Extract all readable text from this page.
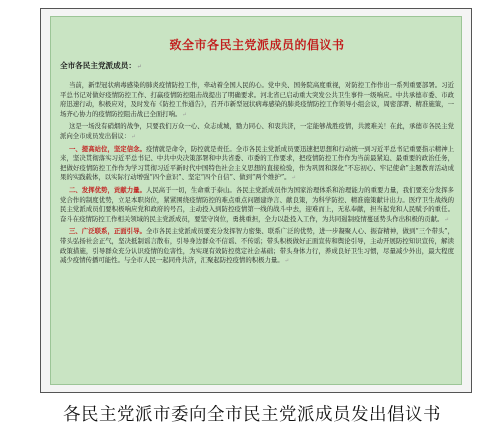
致全市各民主党派成员的倡议书
全市各民主党派成员：↵
当前，新型冠状病毒感染的肺炎疫情防控工作，牵动着全国人民的心。党中央、国务院高度重视，对防控工作作出一系列重要部署。习近平总书记对做好疫情防控工作、打赢疫情防控阻击战提出了明确要求。河北省已启动重大突发公共卫生事件一级响应。中共承德市委、市政府迅速行动，积极应对，及时发布《防控工作通告》，召开市新型冠状病毒感染的肺炎疫情防控工作领导小组会议，周密部署、精准施策，一场齐心协力的疫情防控阻击战已全面打响。↵
这是一场没有硝烟的战争，只要我们万众一心、众志成城，勠力同心、和衷共济，一定能够战胜疫情，共渡难关！在此，承德市各民主党派向全市成员发出倡议：↵
一、提高站位，坚定信念。疫情就是命令，防控就是责任。全市各民主党派成员要迅速把思想和行动统一到习近平总书记重要指示精神上来，坚决贯彻落实习近平总书记、中共中央决策部署和中共省委、市委的工作要求，把疫情防控工作作为当前最紧迫、最重要的政治任务，把做好疫情防控工作作为学习贯彻习近平新时代中国特色社会主义思想的直接检验，作为巩固和深化“不忘初心、牢记使命”主题教育活动成果的实践载体，以实际行动增强“四个意识”、坚定“四个自信”、做到“两个维护”。↵
二、发挥优势，贡献力量。人民高于一切，生命重于泰山。各民主党派成员作为国家治理体系和治理能力的重要力量，我们要充分发挥多党合作的制度优势，立足本职岗位，紧紧围绕疫情防控的难点重点问题建诤言、献良策，为科学防控、精准施策献计出力。医疗卫生战线的民主党派成员们要积极响应党和政府的号召，主动投入到防控疫情第一线的战斗中去，迎难而上，无私奉献，担当起党和人民赋予的重任。奋斗在疫情防控工作相关领域的民主党派成员，要坚守岗位，勇挑重担，全力以赴投入工作，为共同遏制疫情蔓延势头作出积极的贡献。↵
三、广泛联系，正面引导。全市各民主党派成员要充分发挥智力密集、联系广泛的优势，进一步凝聚人心、振奋精神，做到“三个带头”，带头弘扬社会正气，坚决抵制谣言散布，引导身边群众不信谣、不传谣；带头积极做好正面宣传和舆论引导，主动开展防控知识宣传，解读政策措施，引导群众充分认识疫情的危害性，为实现有效防控奠定社会基础；带头身体力行，养成良好卫生习惯，尽量减少外出，最大程度减少疫情传播可能性。与全市人民一起同舟共济，汇聚起防控疫情的积极力量。↵
各民主党派市委向全市民主党派成员发出倡议书
